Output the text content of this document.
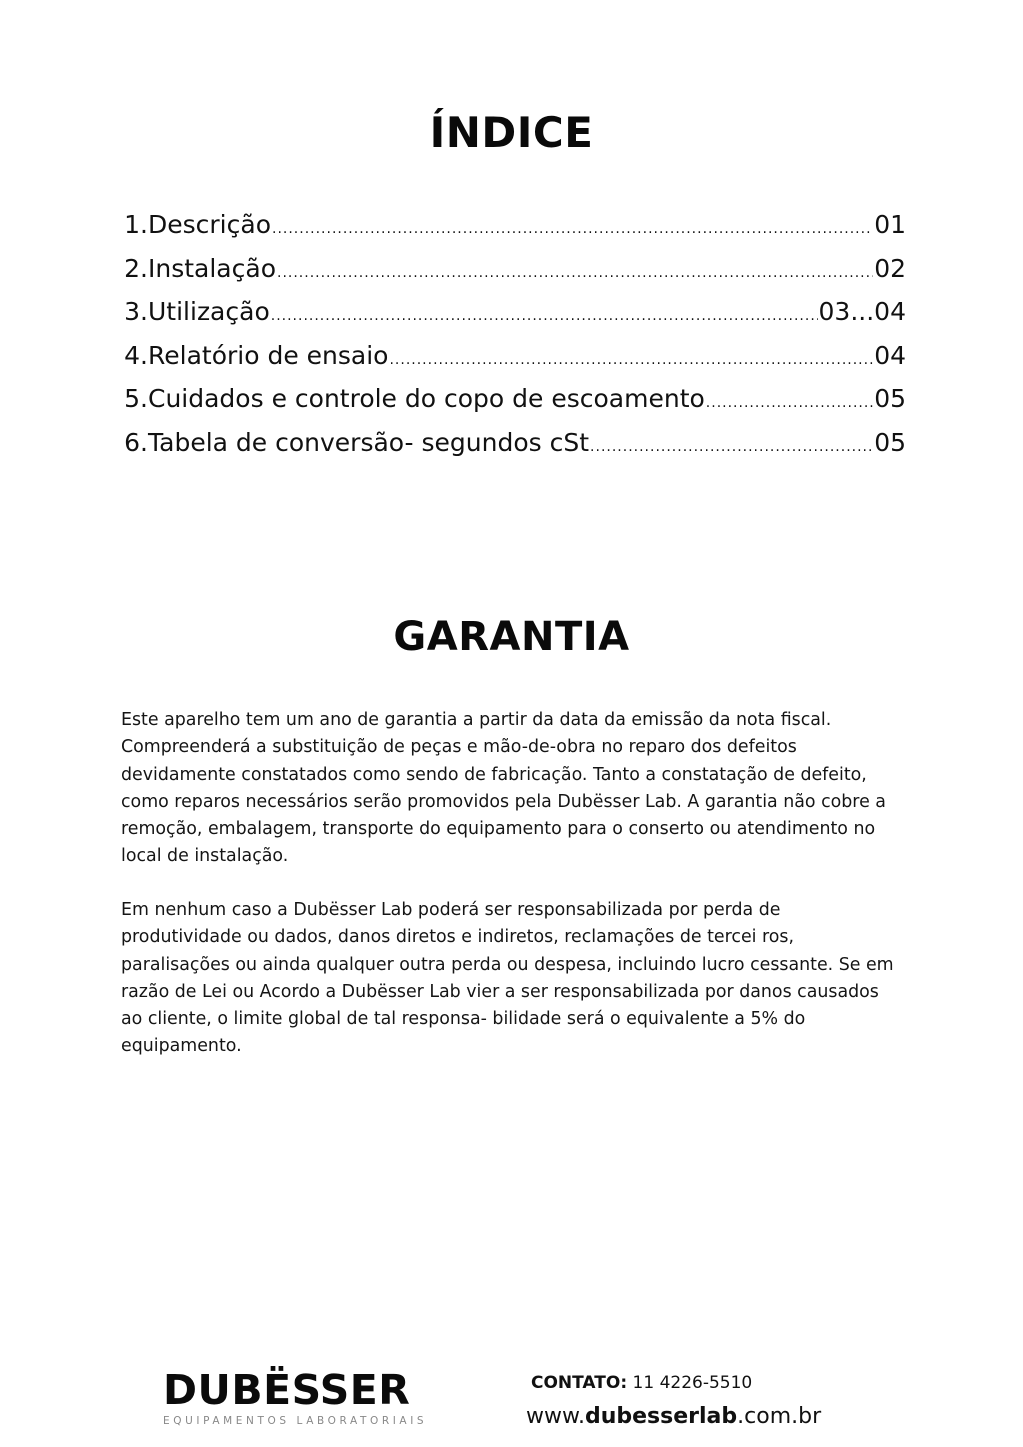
ÍNDICE
1. Descrição .....	01
2. Instalação .....	02
3. Utilização .....	03...04
4. Relatório de ensaio .....	04
5. Cuidados e controle do copo de escoamento .....	05
6. Tabela de conversão- segundos cSt .....	05
GARANTIA

Este aparelho tem um ano de garantia a partir da data da emissão da nota fiscal. Compreenderá a substituição de peças e mão-de-obra no reparo dos defeitos devidamente constatados como sendo de fabricação. Tanto a constatação de defeito, como reparos necessários serão promovidos pela Dubësser Lab. A garantia não cobre a remoção, embalagem, transporte do equipamento para o conserto ou atendimento no local de instalação.

Em nenhum caso a Dubësser Lab poderá ser responsabilizada por perda de produtividade ou dados, danos diretos e indiretos, reclamações de tercei ros, paralisações ou ainda qualquer outra perda ou despesa, incluindo lucro cessante. Se em razão de Lei ou Acordo a Dubësser Lab vier a ser responsabilizada por danos causados ao cliente, o limite global de tal responsa- bilidade será o equivalente a 5% do equipamento.

DUBËSSER
EQUIPAMENTOS LABORATORIAIS
CONTATO: 11 4226-5510
www.dubesserlab.com.br
